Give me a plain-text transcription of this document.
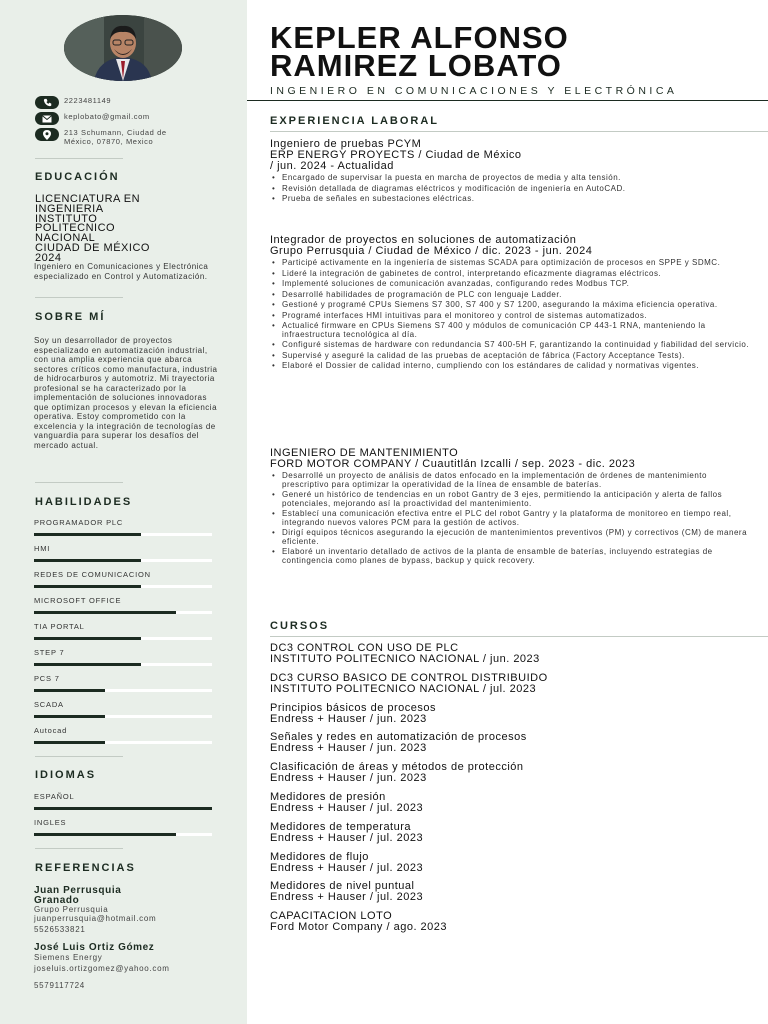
2223481149
keplobato@gmail.com
213 Schumann, Ciudad de
México, 07870, Mexico
EDUCACIÓN
LICENCIATURA EN
INGENIERIA
INSTITUTO
POLITECNICO
NACIONAL
CIUDAD DE MÉXICO
2024
Ingeniero en Comunicaciones y Electrónica especializado en Control y Automatización.
SOBRE MÍ
Soy un desarrollador de proyectos especializado en automatización industrial, con una amplia experiencia que abarca sectores críticos como manufactura, industria de hidrocarburos y automotriz. Mi trayectoria profesional se ha caracterizado por la implementación de soluciones innovadoras que optimizan procesos y elevan la eficiencia operativa. Estoy comprometido con la excelencia y la integración de tecnologías de vanguardia para superar los desafíos del mercado actual.
HABILIDADES
PROGRAMADOR PLC
HMI
REDES DE COMUNICACION
MICROSOFT OFFICE
TIA PORTAL
STEP 7
PCS 7
SCADA
Autocad
IDIOMAS
ESPAÑOL
INGLES
REFERENCIAS
Juan Perrusquia Granado
Grupo Perrusquia
juanperrusquia@hotmail.com
5526533821
José Luis Ortiz Gómez
Siemens Energy
joseluis.ortizgomez@yahoo.com
5579117724
KEPLER ALFONSO
RAMIREZ LOBATO
INGENIERO EN COMUNICACIONES Y ELECTRÓNICA
EXPERIENCIA LABORAL
Ingeniero de pruebas PCYM
ERP ENERGY PROYECTS / Ciudad de México
/ jun. 2024 - Actualidad
• Encargado de supervisar la puesta en marcha de proyectos de media y alta tensión.
• Revisión detallada de diagramas eléctricos y modificación de ingeniería en AutoCAD.
• Prueba de señales en subestaciones eléctricas.
Integrador de proyectos en soluciones de automatización
Grupo Perrusquia / Ciudad de México / dic. 2023 - jun. 2024
• Participé activamente en la ingeniería de sistemas SCADA para optimización de procesos en SPPE y SDMC.
• Lideré la integración de gabinetes de control, interpretando eficazmente diagramas eléctricos.
• Implementé soluciones de comunicación avanzadas, configurando redes Modbus TCP.
• Desarrollé habilidades de programación de PLC con lenguaje Ladder.
• Gestioné y programé CPUs Siemens S7 300, S7 400 y S7 1200, asegurando la máxima eficiencia operativa.
• Programé interfaces HMI intuitivas para el monitoreo y control de sistemas automatizados.
• Actualicé firmware en CPUs Siemens S7 400 y módulos de comunicación CP 443-1 RNA, manteniendo la infraestructura tecnológica al día.
• Configuré sistemas de hardware con redundancia S7 400-5H F, garantizando la continuidad y fiabilidad del servicio.
• Supervisé y aseguré la calidad de las pruebas de aceptación de fábrica (Factory Acceptance Tests).
• Elaboré el Dossier de calidad interno, cumpliendo con los estándares de calidad y normativas vigentes.
INGENIERO DE MANTENIMIENTO
FORD MOTOR COMPANY / Cuautitlán Izcalli / sep. 2023 - dic. 2023
• Desarrollé un proyecto de análisis de datos enfocado en la implementación de órdenes de mantenimiento prescriptivo para optimizar la operatividad de la línea de ensamble de baterías.
• Generé un histórico de tendencias en un robot Gantry de 3 ejes, permitiendo la anticipación y alerta de fallos potenciales, mejorando así la proactividad del mantenimiento.
• Establecí una comunicación efectiva entre el PLC del robot Gantry y la plataforma de monitoreo en tiempo real, integrando nuevos valores PCM para la gestión de activos.
• Dirigí equipos técnicos asegurando la ejecución de mantenimientos preventivos (PM) y correctivos (CM) de manera eficiente.
• Elaboré un inventario detallado de activos de la planta de ensamble de baterías, incluyendo estrategias de contingencia como planes de bypass, backup y quick recovery.
CURSOS
DC3 CONTROL CON USO DE PLC
INSTITUTO POLITECNICO NACIONAL / jun. 2023
DC3 CURSO BASICO DE CONTROL DISTRIBUIDO
INSTITUTO POLITECNICO NACIONAL / jul. 2023
Principios básicos de procesos
Endress + Hauser / jun. 2023
Señales y redes en automatización de procesos
Endress + Hauser / jun. 2023
Clasificación de áreas y métodos de protección
Endress + Hauser / jun. 2023
Medidores de presión
Endress + Hauser / jul. 2023
Medidores de temperatura
Endress + Hauser / jul. 2023
Medidores de flujo
Endress + Hauser / jul. 2023
Medidores de nivel puntual
Endress + Hauser / jul. 2023
CAPACITACION LOTO
Ford Motor Company / ago. 2023
